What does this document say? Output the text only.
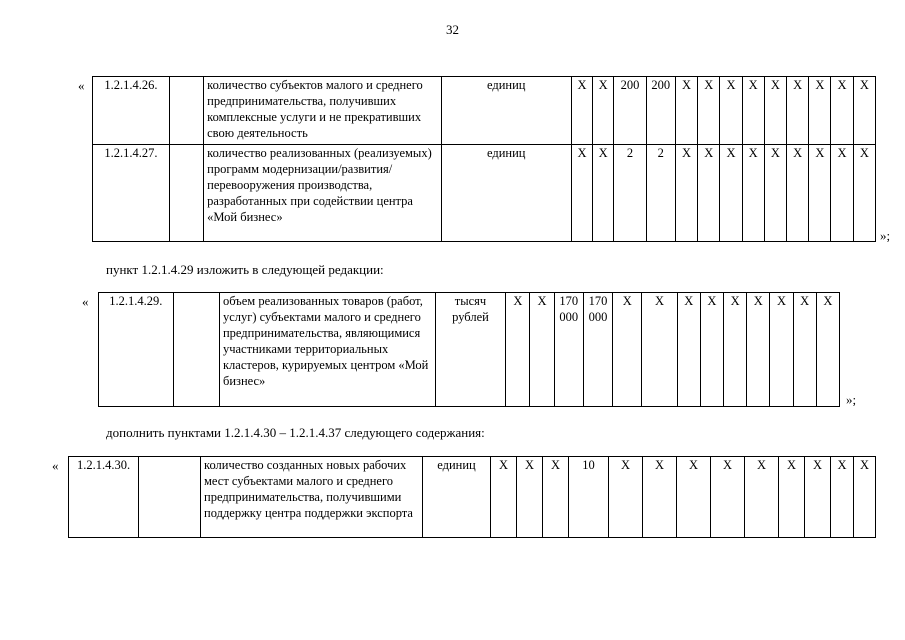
32
« 1.2.1.4.26.		количество субъектов малого и среднего предпринимательства, получивших комплексные услуги и не прекративших свою деятельность	единиц	X	X	200	200	X	X	X	X	X	X	X	X	X
1.2.1.4.27.		количество реализованных (реализуемых) программ модернизации/развития/перевооружения производства, разработанных при содействии центра «Мой бизнес»	единиц	X	X	2	2	X	X	X	X	X	X	X	X	X
»;
пункт 1.2.1.4.29 изложить в следующей редакции:
« 1.2.1.4.29.		объем реализованных товаров (работ, услуг) субъектами малого и среднего предпринимательства, являющимися участниками территориальных кластеров, курируемых центром «Мой бизнес»	тысяч рублей	X	X	170 000	170 000	X	X	X	X	X	X	X	X	X
»;
дополнить пунктами 1.2.1.4.30 – 1.2.1.4.37 следующего содержания:
« 1.2.1.4.30.		количество созданных новых рабочих мест субъектами малого и среднего предпринимательства, получившими поддержку центра поддержки экспорта	единиц	X	X	X	10	X	X	X	X	X	X	X	X	X
